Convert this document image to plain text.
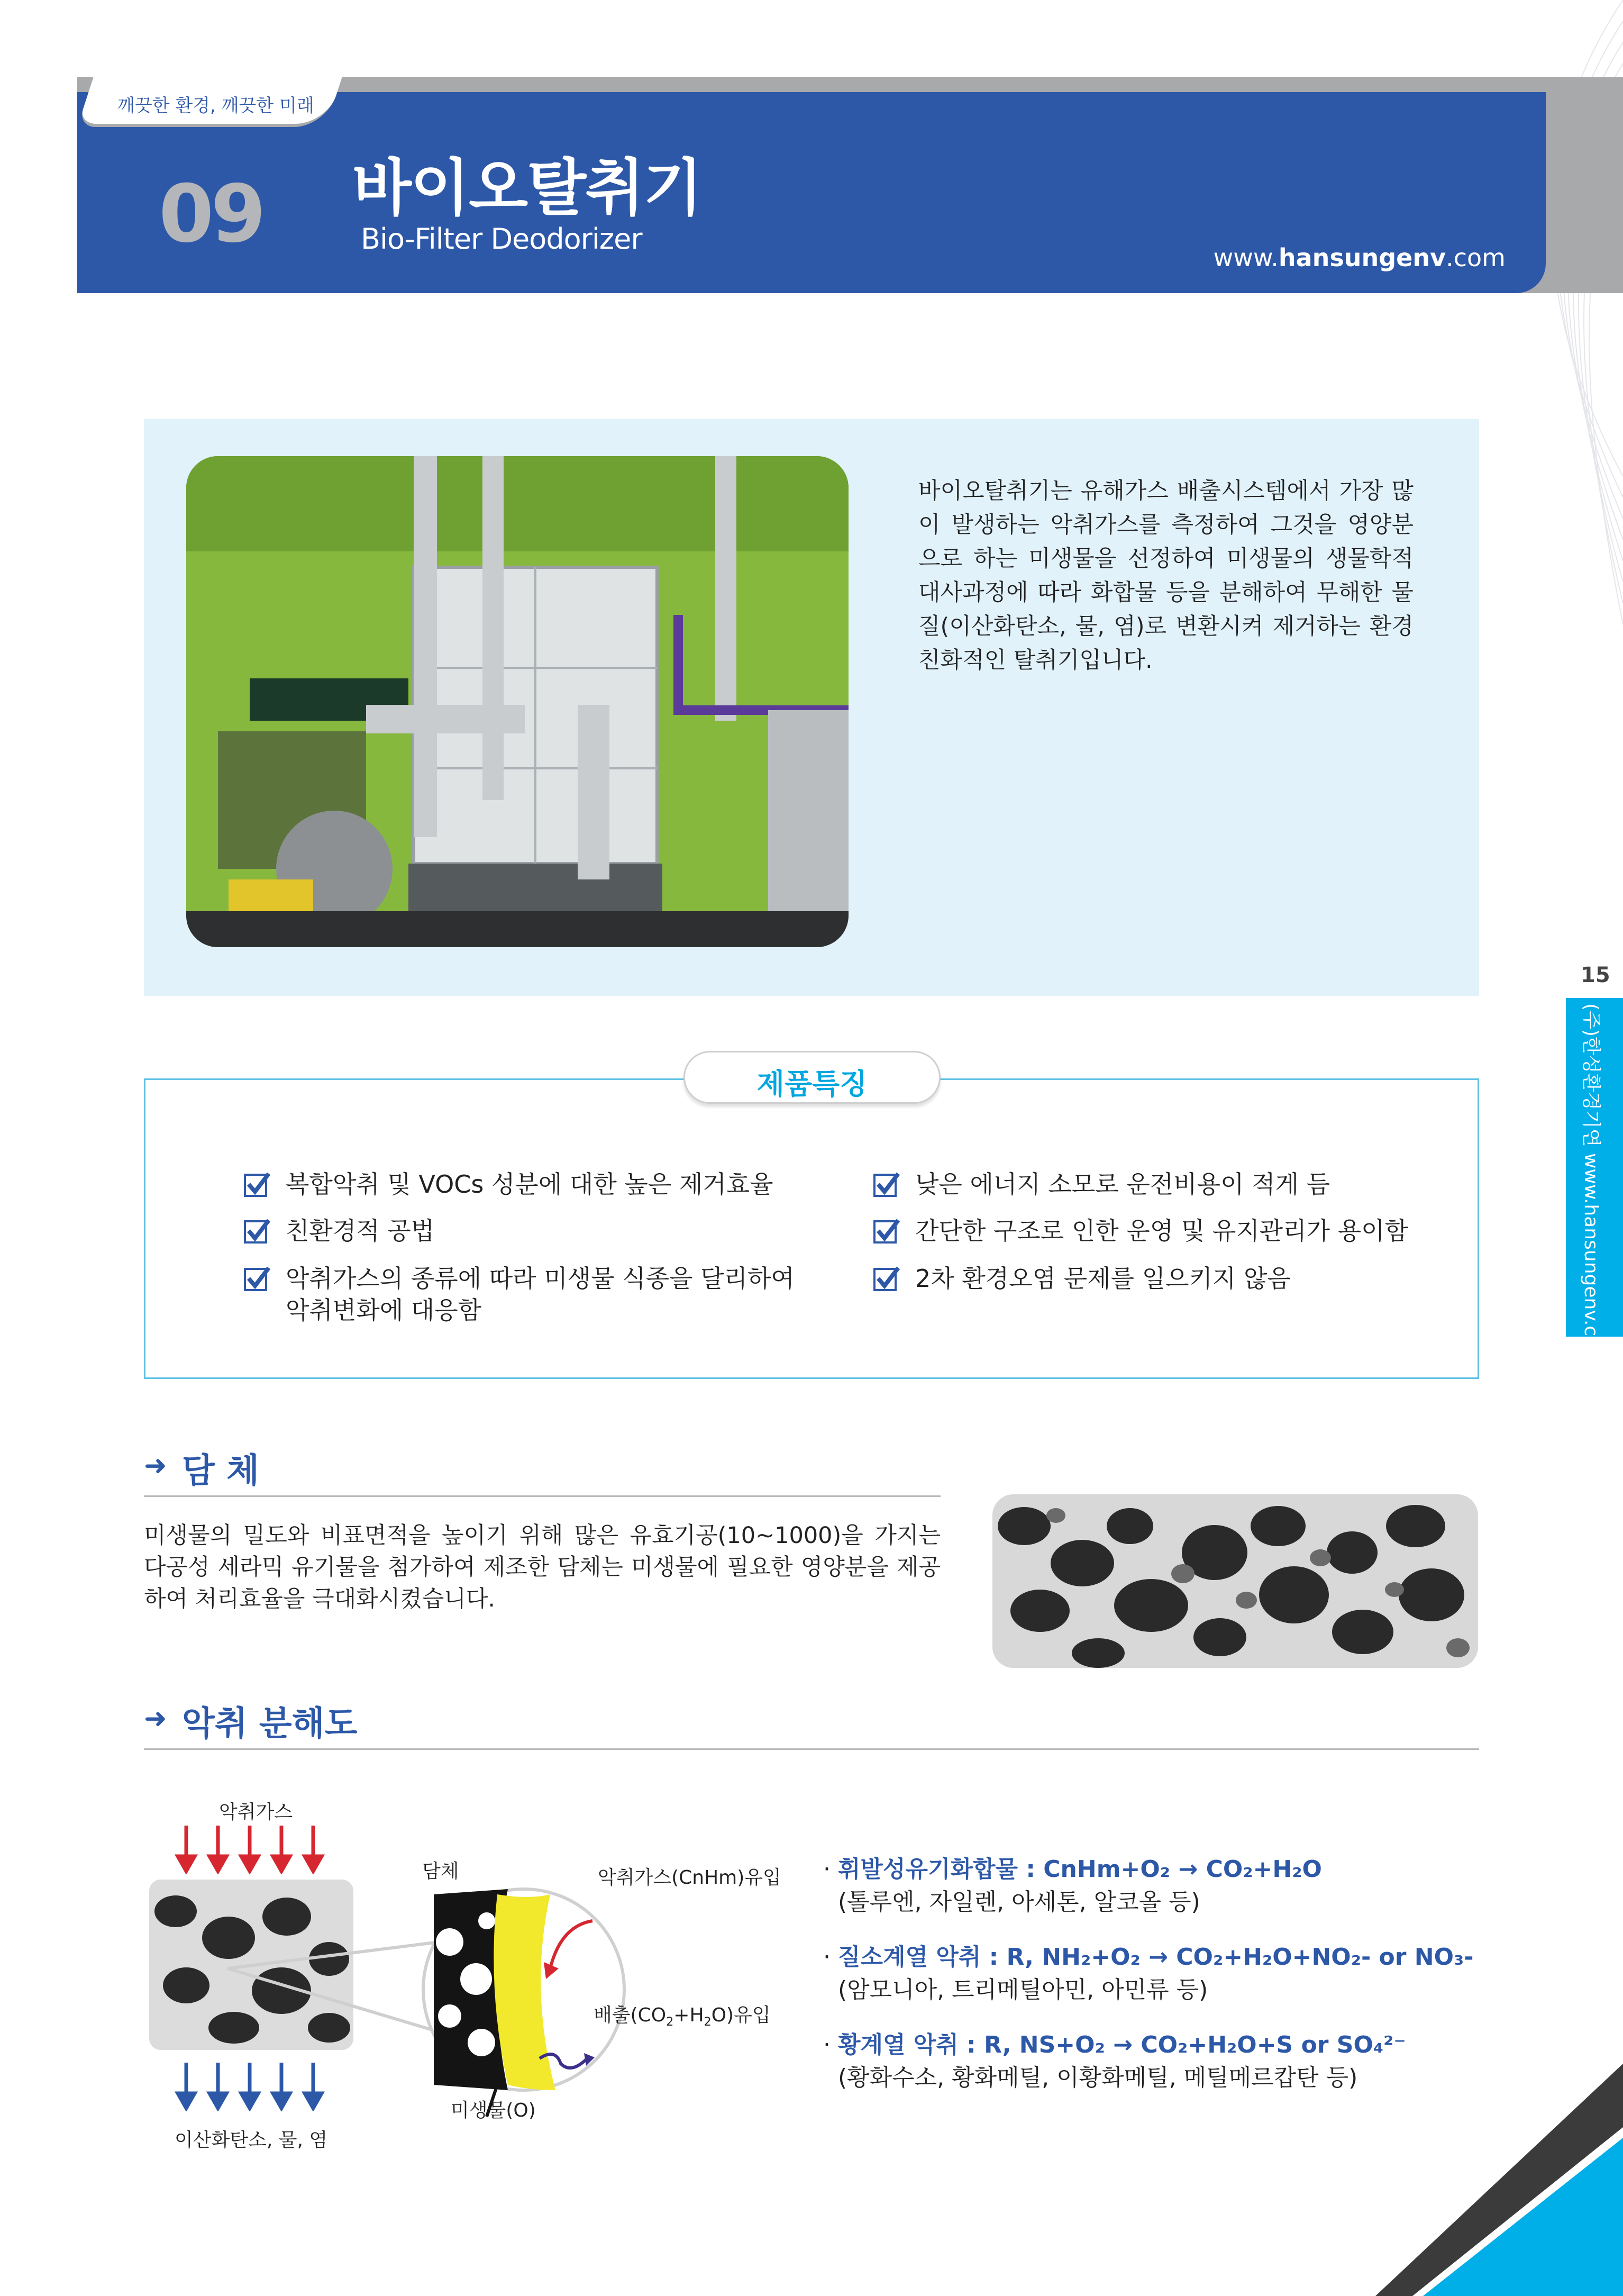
깨끗한 환경, 깨끗한 미래
09 바이오탈취기
Bio-Filter Deodorizer
www.hansungenv.com
바이오탈취기는 유해가스 배출시스템에서 가장 많이 발생하는 악취가스를 측정하여 그것을 영양분으로 하는 미생물을 선정하여 미생물의 생물학적 대사과정에 따라 화합물 등을 분해하여 무해한 물질(이산화탄소, 물, 염)로 변환시켜 제거하는 환경 친화적인 탈취기입니다.
15
(주)한성환경기연 www.hansungenv.com
제품특징
복합악취 및 VOCs 성분에 대한 높은 제거효율
친환경적 공법
악취가스의 종류에 따라 미생물 식종을 달리하여
악취변화에 대응함
낮은 에너지 소모로 운전비용이 적게 듬
간단한 구조로 인한 운영 및 유지관리가 용이함
2차 환경오염 문제를 일으키지 않음
➜ 담 체
미생물의 밀도와 비표면적을 높이기 위해 많은 유효기공(10~1000)을 가지는 다공성 세라믹 유기물을 첨가하여 제조한 담체는 미생물에 필요한 영양분을 제공하여 처리효율을 극대화시켰습니다.
➜ 악취 분해도
악취가스
이산화탄소, 물, 염
담체	악취가스(CnHm)유입
배출$(CO_2+H_2O)$유입
미생물(O)
· 휘발성유기화합물 : CnHm+O₂ → CO₂+H₂O
(톨루엔, 자일렌, 아세톤, 알코올 등)
· 질소계열 악취 : R, NH₂+O₂ → CO₂+H₂O+NO₂- or NO₃-
(암모니아, 트리메틸아민, 아민류 등)
· 황계열 악취 : R, NS+O₂ → CO₂+H₂O+S or SO₄²⁻
(황화수소, 황화메틸, 이황화메틸, 메틸메르캅탄 등)
